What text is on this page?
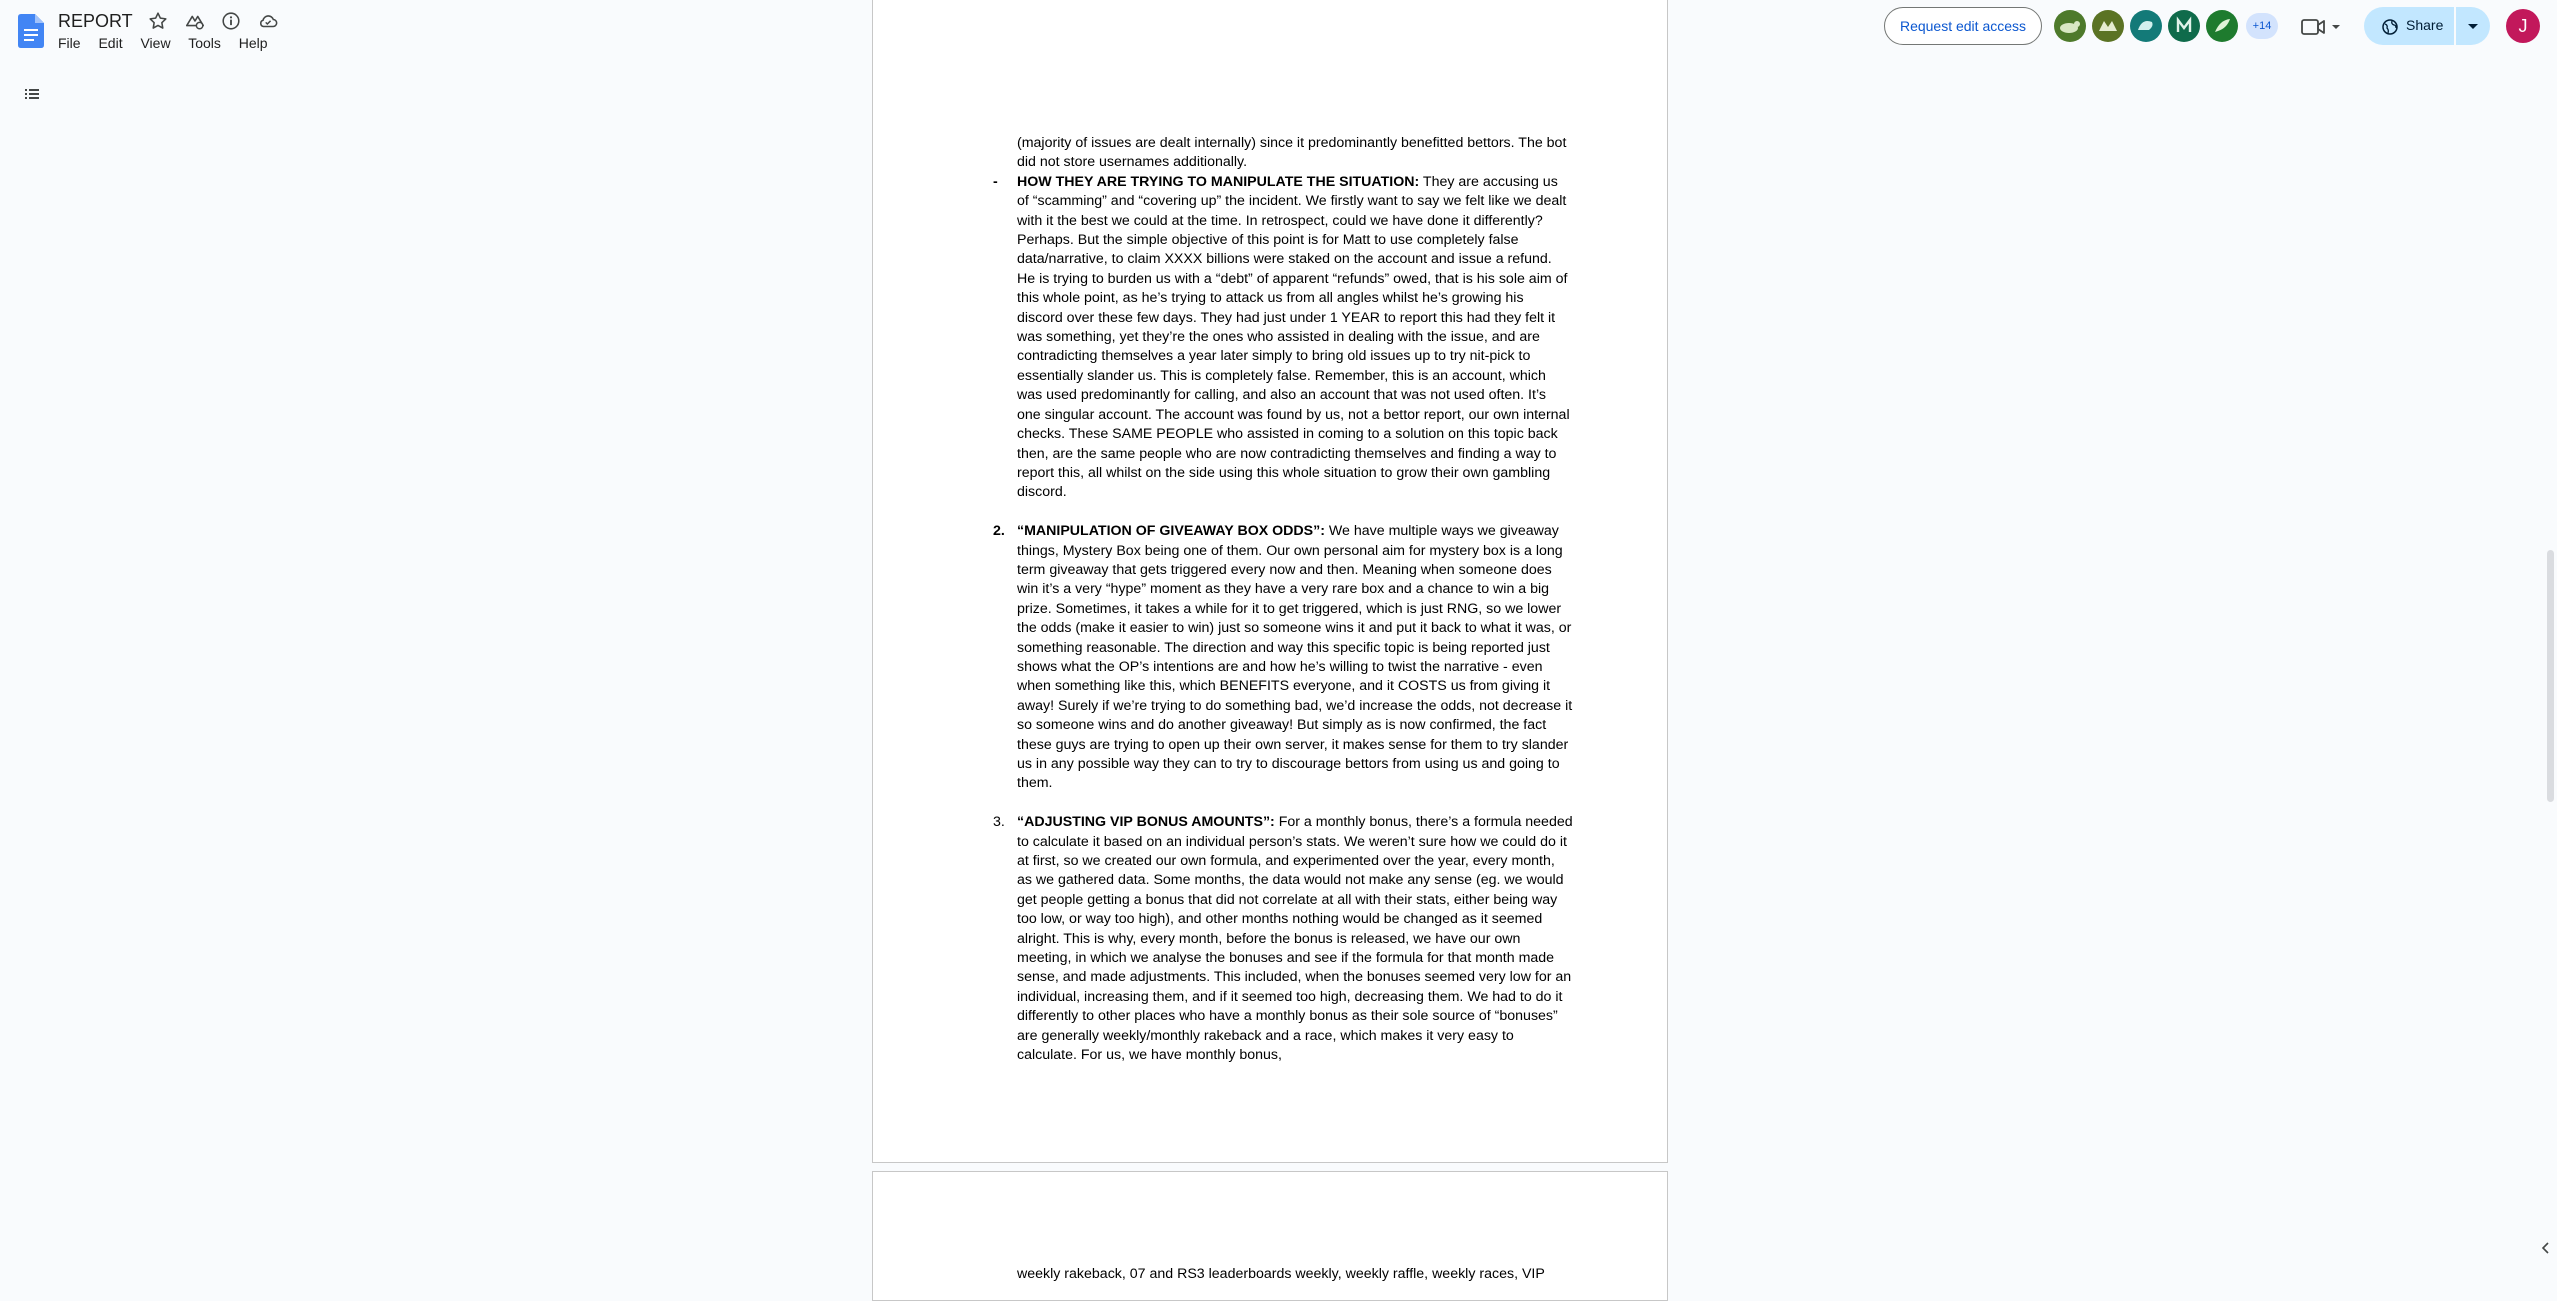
REPORT
File Edit View Tools Help
Request edit access	+14	Share	J

(majority of issues are dealt internally) since it predominantly benefitted bettors. The bot did not store usernames additionally.

- HOW THEY ARE TRYING TO MANIPULATE THE SITUATION: They are accusing us of “scamming” and “covering up” the incident. We firstly want to say we felt like we dealt with it the best we could at the time. In retrospect, could we have done it differently? Perhaps. But the simple objective of this point is for Matt to use completely false data/narrative, to claim XXXX billions were staked on the account and issue a refund. He is trying to burden us with a “debt” of apparent “refunds” owed, that is his sole aim of this whole point, as he’s trying to attack us from all angles whilst he’s growing his discord over these few days. They had just under 1 YEAR to report this had they felt it was something, yet they’re the ones who assisted in dealing with the issue, and are contradicting themselves a year later simply to bring old issues up to try nit-pick to essentially slander us. This is completely false. Remember, this is an account, which was used predominantly for calling, and also an account that was not used often. It’s one singular account. The account was found by us, not a bettor report, our own internal checks. These SAME PEOPLE who assisted in coming to a solution on this topic back then, are the same people who are now contradicting themselves and finding a way to report this, all whilst on the side using this whole situation to grow their own gambling discord.

2. “MANIPULATION OF GIVEAWAY BOX ODDS”: We have multiple ways we giveaway things, Mystery Box being one of them. Our own personal aim for mystery box is a long term giveaway that gets triggered every now and then. Meaning when someone does win it’s a very “hype” moment as they have a very rare box and a chance to win a big prize. Sometimes, it takes a while for it to get triggered, which is just RNG, so we lower the odds (make it easier to win) just so someone wins it and put it back to what it was, or something reasonable. The direction and way this specific topic is being reported just shows what the OP’s intentions are and how he’s willing to twist the narrative - even when something like this, which BENEFITS everyone, and it COSTS us from giving it away! Surely if we’re trying to do something bad, we’d increase the odds, not decrease it so someone wins and do another giveaway! But simply as is now confirmed, the fact these guys are trying to open up their own server, it makes sense for them to try slander us in any possible way they can to try to discourage bettors from using us and going to them.

3. “ADJUSTING VIP BONUS AMOUNTS”: For a monthly bonus, there’s a formula needed to calculate it based on an individual person’s stats. We weren’t sure how we could do it at first, so we created our own formula, and experimented over the year, every month, as we gathered data. Some months, the data would not make any sense (eg. we would get people getting a bonus that did not correlate at all with their stats, either being way too low, or way too high), and other months nothing would be changed as it seemed alright. This is why, every month, before the bonus is released, we have our own meeting, in which we analyse the bonuses and see if the formula for that month made sense, and made adjustments. This included, when the bonuses seemed very low for an individual, increasing them, and if it seemed too high, decreasing them. We had to do it differently to other places who have a monthly bonus as their sole source of “bonuses” are generally weekly/monthly rakeback and a race, which makes it very easy to calculate. For us, we have monthly bonus,

weekly rakeback, 07 and RS3 leaderboards weekly, weekly raffle, weekly races, VIP
